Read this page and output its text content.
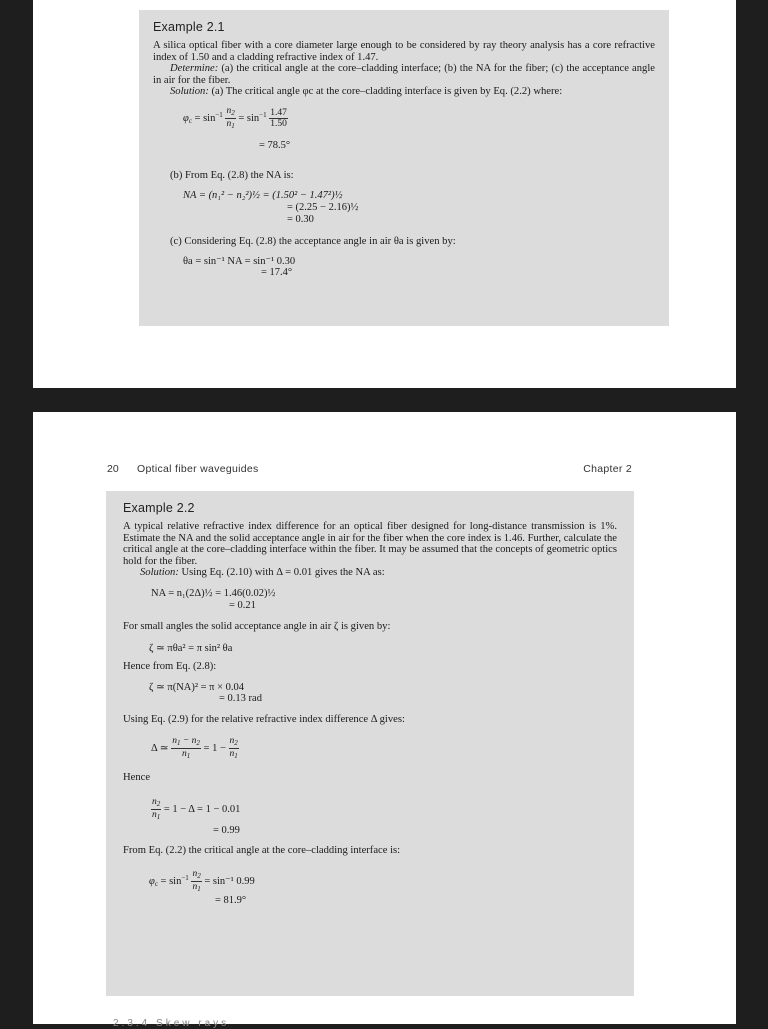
Example 2.1

A silica optical fiber with a core diameter large enough to be considered by ray theory analysis has a core refractive index of 1.50 and a cladding refractive index of 1.47.

Determine: (a) the critical angle at the core–cladding interface; (b) the NA for the fiber; (c) the acceptance angle in air for the fiber.

Solution: (a) The critical angle φc at the core–cladding interface is given by Eq. (2.2) where:

$\varphi_c = \sin^{-1} \frac{n_2}{n_1} = \sin^{-1} \frac{1.47}{1.50}$
= 78.5°

(b) From Eq. (2.8) the NA is:

NA = (n₁² − n₂²)½ = (1.50² − 1.47²)½
= (2.25 − 2.16)½
= 0.30

(c) Considering Eq. (2.8) the acceptance angle in air θa is given by:

θa = sin⁻¹ NA = sin⁻¹ 0.30
= 17.4°
20 Optical fiber waveguides	Chapter 2
Example 2.2

A typical relative refractive index difference for an optical fiber designed for long-distance transmission is 1%. Estimate the NA and the solid acceptance angle in air for the fiber when the core index is 1.46. Further, calculate the critical angle at the core–cladding interface within the fiber. It may be assumed that the concepts of geometric optics hold for the fiber.

Solution: Using Eq. (2.10) with Δ = 0.01 gives the NA as:

NA = n₁(2Δ)½ = 1.46(0.02)½
= 0.21

For small angles the solid acceptance angle in air ζ is given by:

ζ ≃ πθa² = π sin² θa

Hence from Eq. (2.8):

ζ ≃ π(NA)² = π × 0.04
= 0.13 rad

Using Eq. (2.9) for the relative refractive index difference Δ gives:

Δ ≃ $\frac{n_1 - n_2}{n_1} = 1 - \frac{n_2}{n_1}$

Hence

$\frac{n_2}{n_1} = 1 - \Delta = 1 - 0.01$
= 0.99

From Eq. (2.2) the critical angle at the core–cladding interface is:

$\varphi_c = \sin^{-1} \frac{n_2}{n_1} = \sin^{-1}$ 0.99
= 81.9°
2.3.4 Skew rays
